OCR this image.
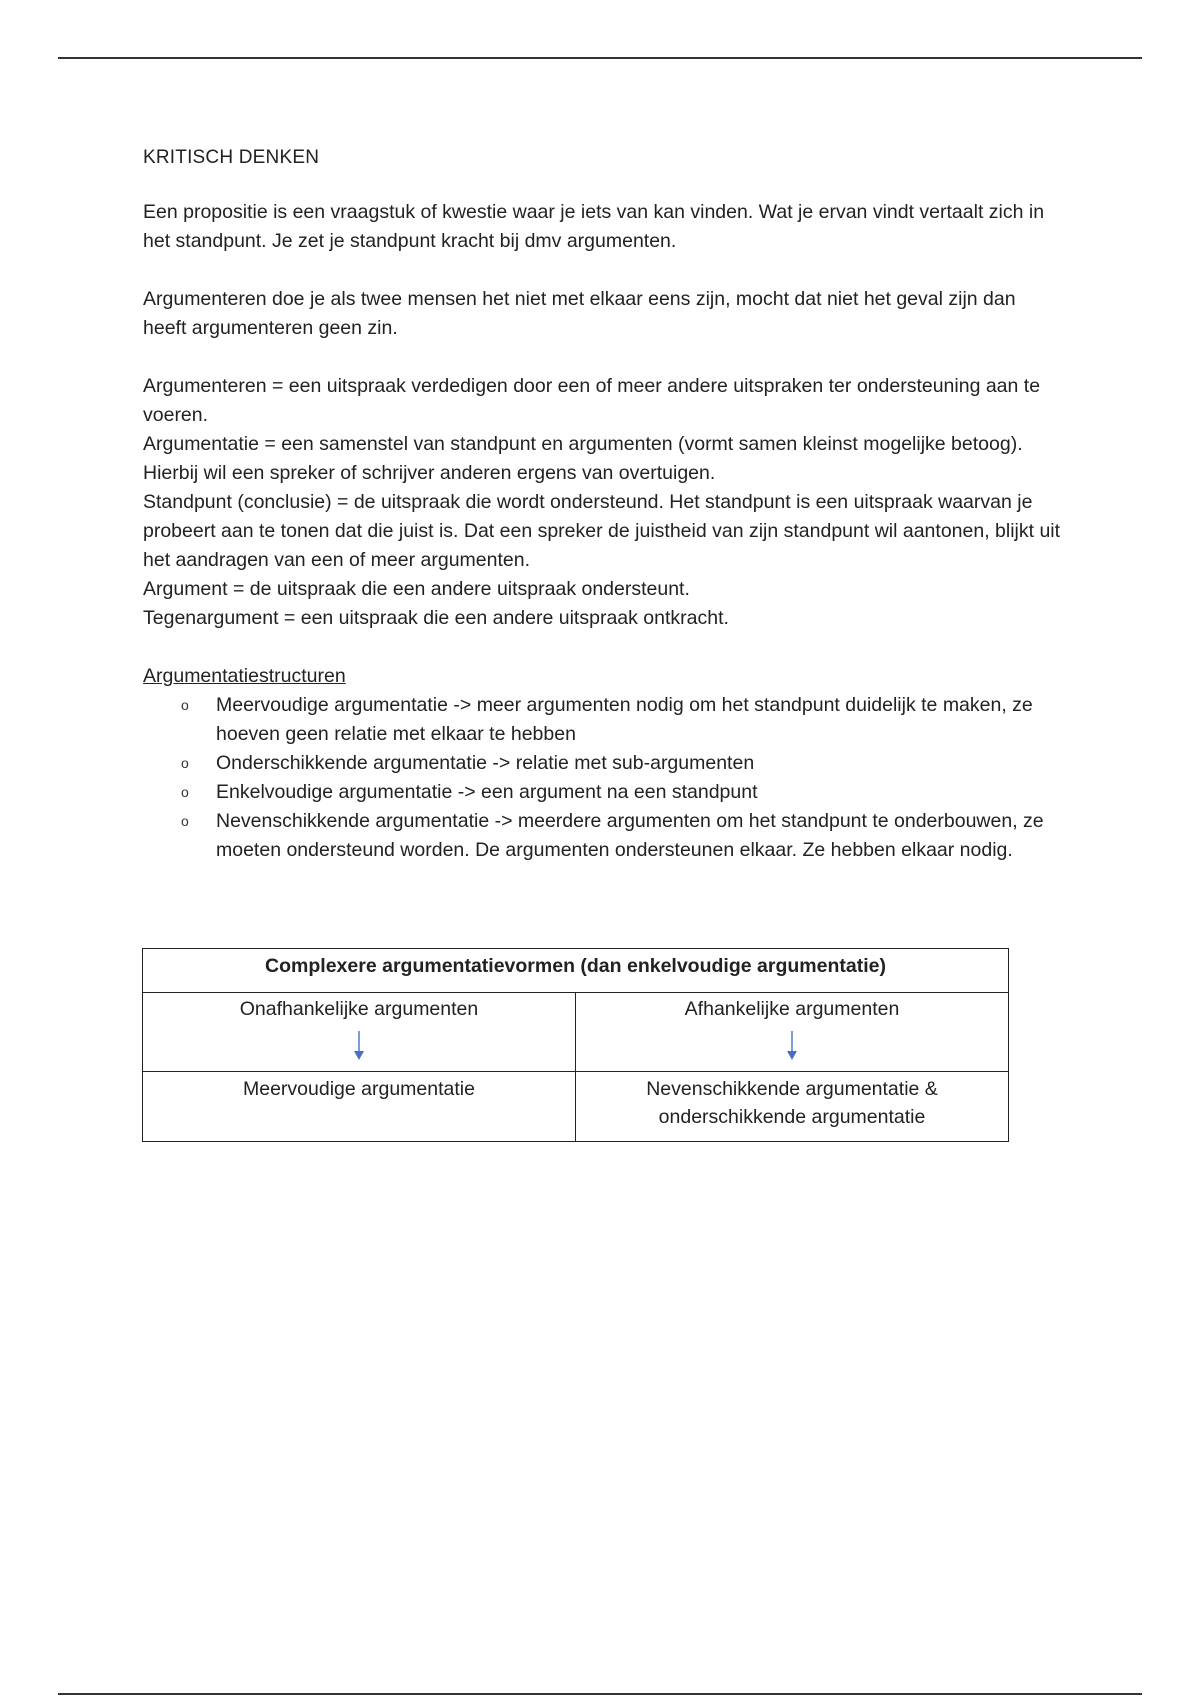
KRITISCH DENKEN

Een propositie is een vraagstuk of kwestie waar je iets van kan vinden. Wat je ervan vindt vertaalt zich in het standpunt. Je zet je standpunt kracht bij dmv argumenten.

Argumenteren doe je als twee mensen het niet met elkaar eens zijn, mocht dat niet het geval zijn dan heeft argumenteren geen zin.

Argumenteren = een uitspraak verdedigen door een of meer andere uitspraken ter ondersteuning aan te voeren.

Argumentatie = een samenstel van standpunt en argumenten (vormt samen kleinst mogelijke betoog). Hierbij wil een spreker of schrijver anderen ergens van overtuigen.

Standpunt (conclusie) = de uitspraak die wordt ondersteund. Het standpunt is een uitspraak waarvan je probeert aan te tonen dat die juist is. Dat een spreker de juistheid van zijn standpunt wil aantonen, blijkt uit het aandragen van een of meer argumenten.

Argument = de uitspraak die een andere uitspraak ondersteunt.

Tegenargument = een uitspraak die een andere uitspraak ontkracht.

Argumentatiestructuren
o Meervoudige argumentatie -> meer argumenten nodig om het standpunt duidelijk te maken, ze hoeven geen relatie met elkaar te hebben
o Onderschikkende argumentatie -> relatie met sub-argumenten
o Enkelvoudige argumentatie -> een argument na een standpunt
o Nevenschikkende argumentatie -> meerdere argumenten om het standpunt te onderbouwen, ze moeten ondersteund worden. De argumenten ondersteunen elkaar. Ze hebben elkaar nodig.
Complexere argumentatievormen (dan enkelvoudige argumentatie)	
Onafhankelijke argumenten	Afhankelijke argumenten

Meervoudige argumentatie	Nevenschikkende argumentatie &
onderschikkende argumentatie
